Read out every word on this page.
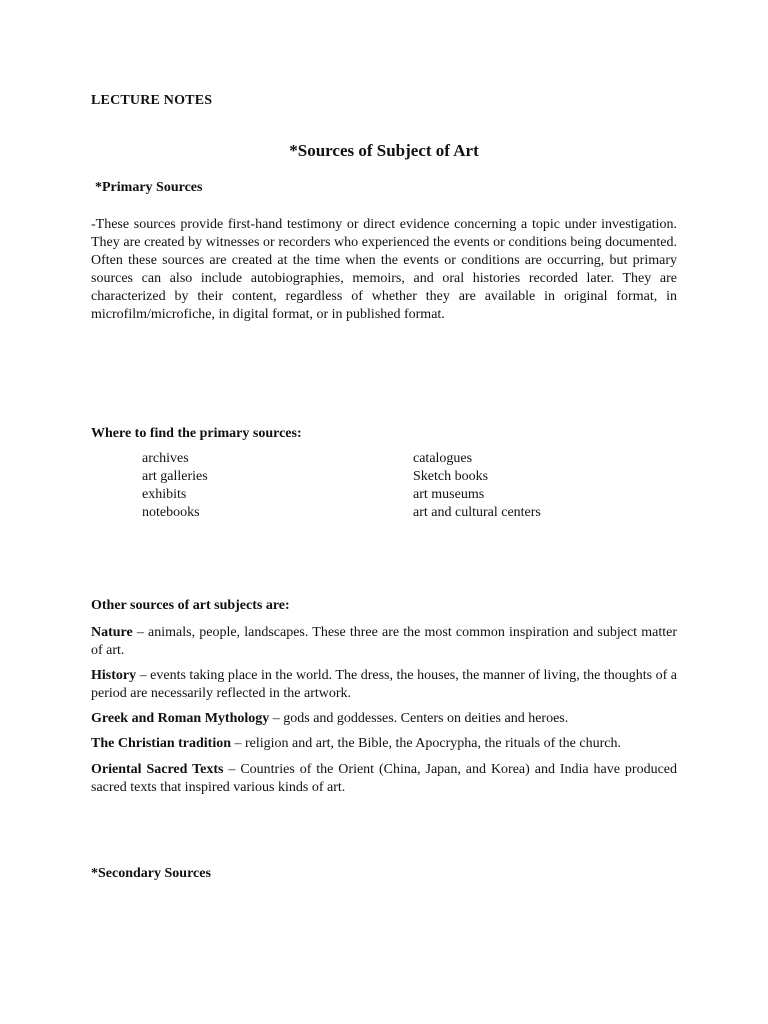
LECTURE NOTES
*Sources of Subject of Art
*Primary Sources
-These sources provide first-hand testimony or direct evidence concerning a topic under investigation. They are created by witnesses or recorders who experienced the events or conditions being documented. Often these sources are created at the time when the events or conditions are occurring, but primary sources can also include autobiographies, memoirs, and oral histories recorded later. They are characterized by their content, regardless of whether they are available in original format, in microfilm/microfiche, in digital format, or in published format.
Where to find the primary sources:
archives
art galleries
exhibits
notebooks
catalogues
Sketch books
art museums
art and cultural centers
Other sources of art subjects are:
Nature – animals, people, landscapes. These three are the most common inspiration and subject matter of art.
History – events taking place in the world. The dress, the houses, the manner of living, the thoughts of a period are necessarily reflected in the artwork.
Greek and Roman Mythology – gods and goddesses. Centers on deities and heroes.
The Christian tradition – religion and art, the Bible, the Apocrypha, the rituals of the church.
Oriental Sacred Texts – Countries of the Orient (China, Japan, and Korea) and India have produced sacred texts that inspired various kinds of art.
*Secondary Sources
